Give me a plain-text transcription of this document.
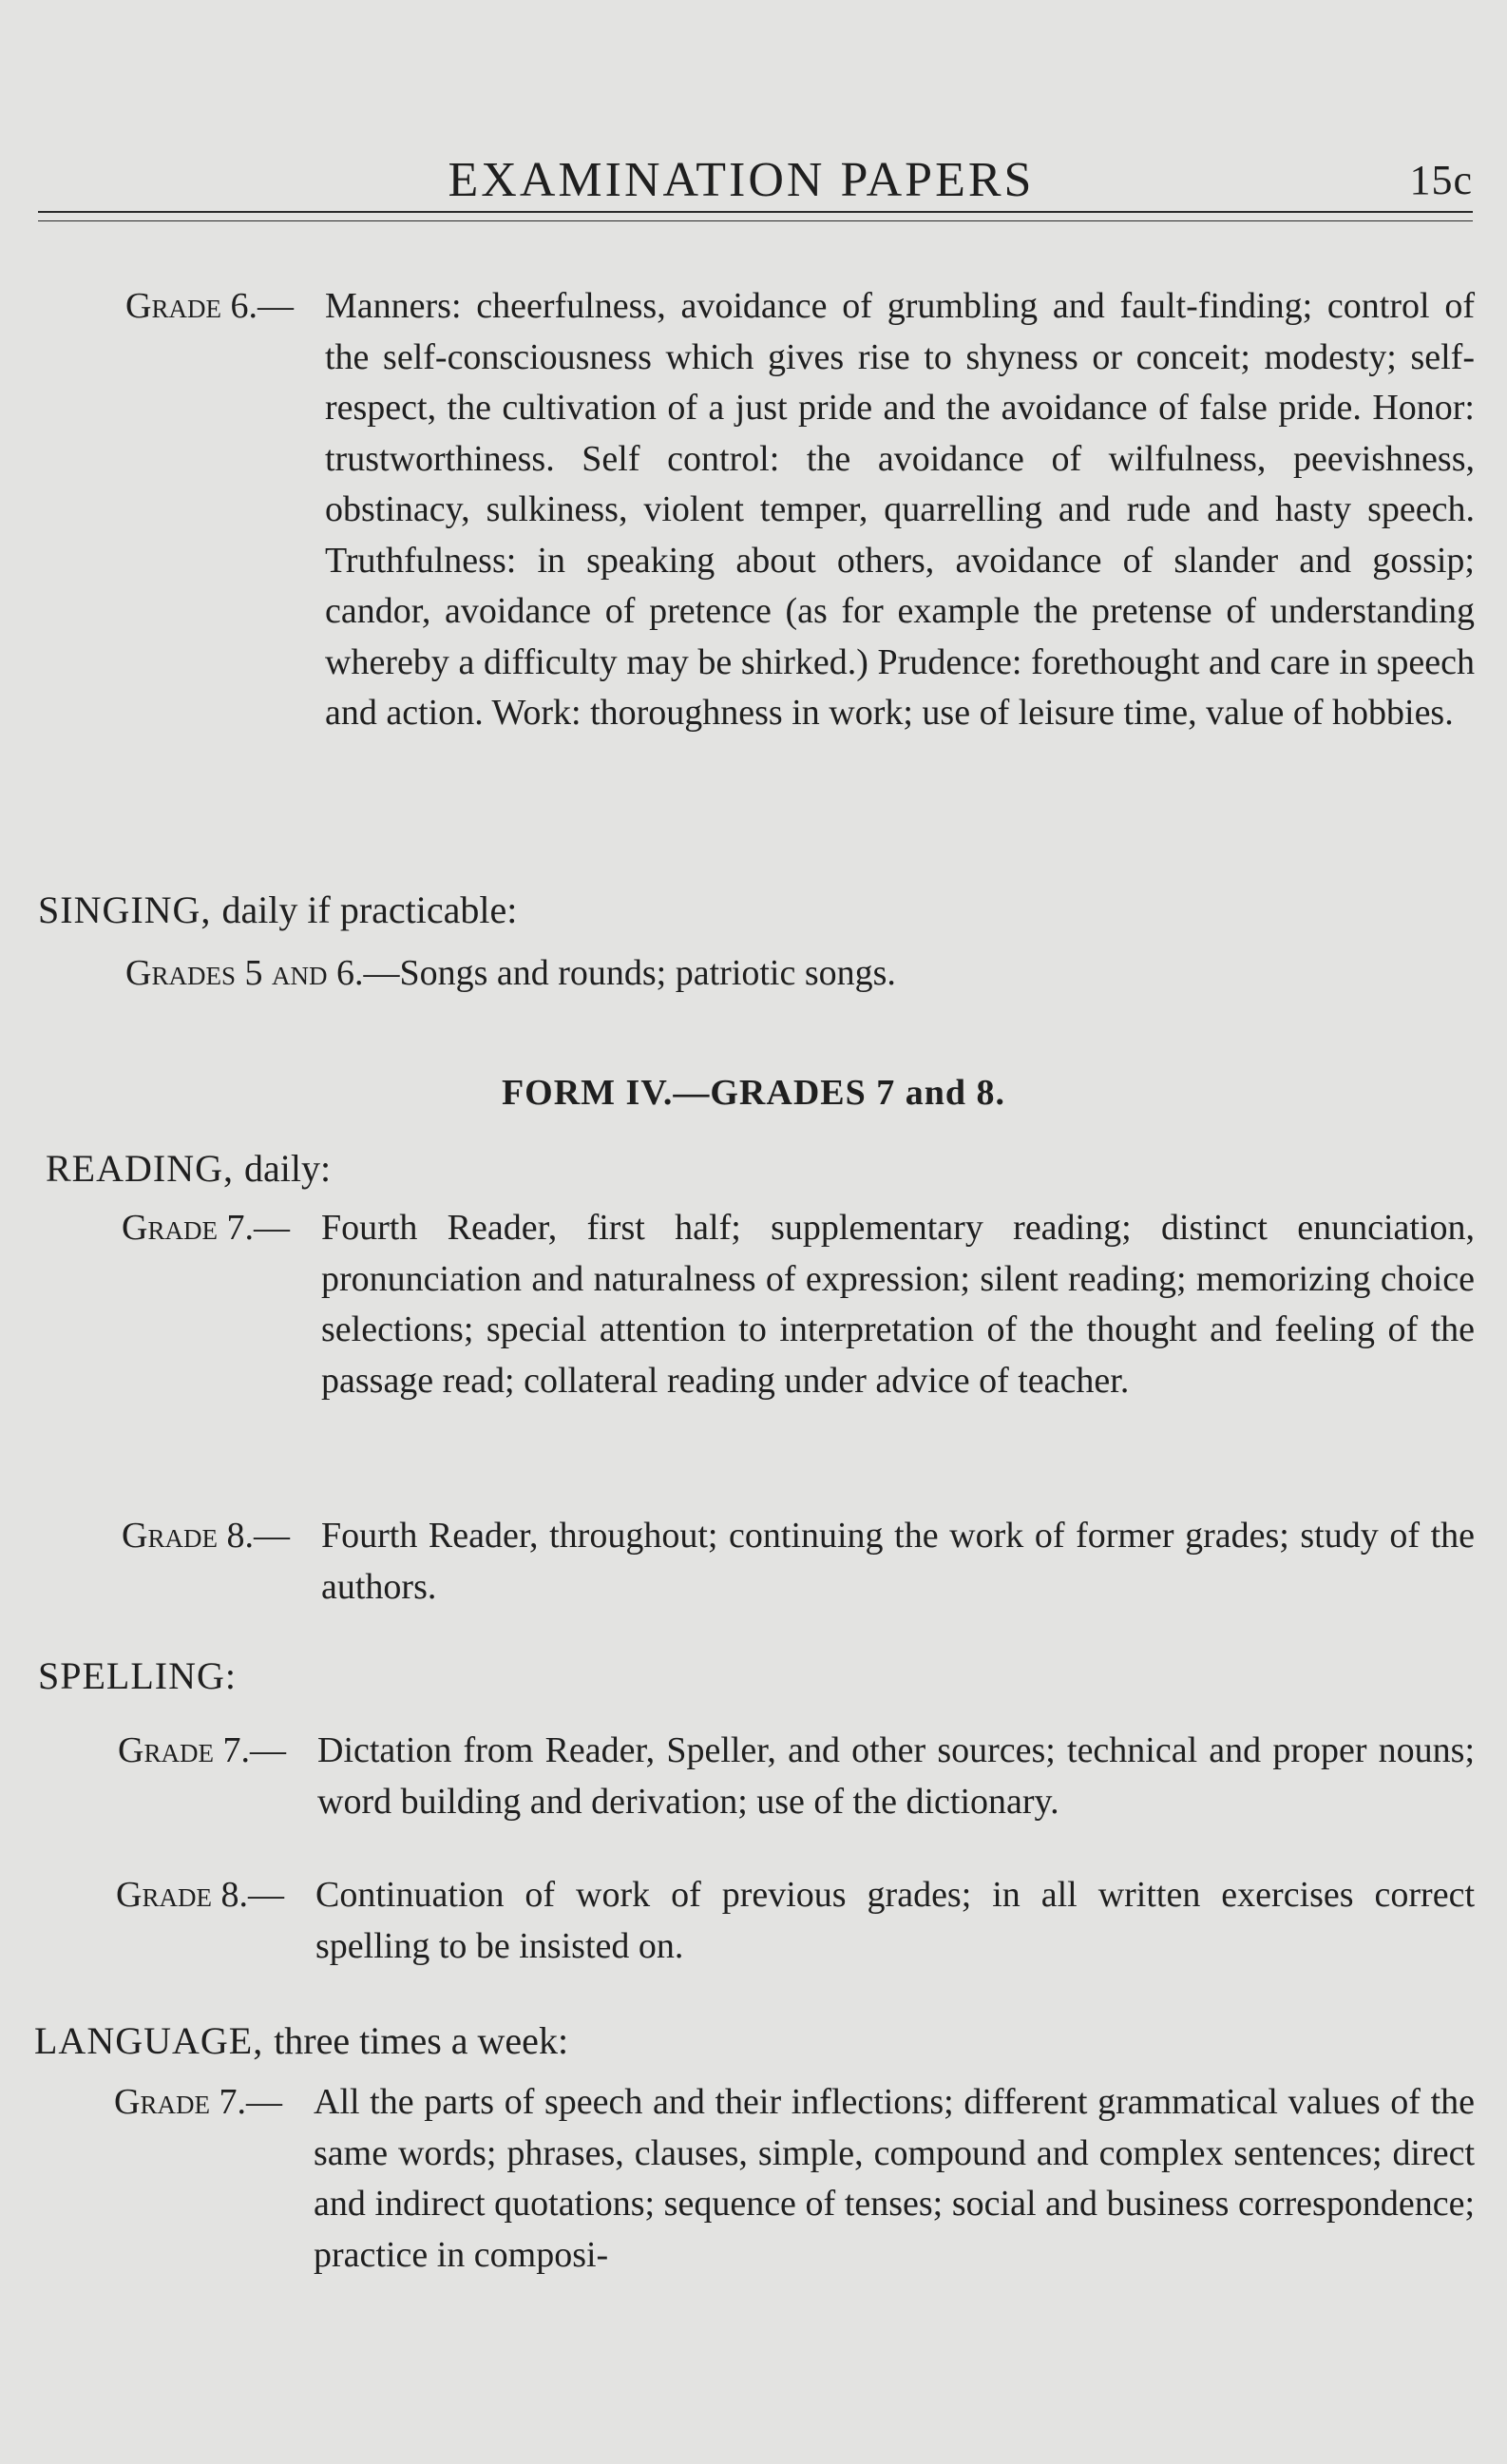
EXAMINATION PAPERS	15c
Grade 6.— Manners: cheerfulness, avoidance of grumbling and fault-finding; control of the self-consciousness which gives rise to shyness or conceit; modesty; self-respect, the cultivation of a just pride and the avoidance of false pride. Honor: trustworthiness. Self control: the avoidance of wilfulness, peevishness, obstinacy, sulkiness, violent temper, quarrelling and rude and hasty speech. Truthfulness: in speaking about others, avoidance of slander and gossip; candor, avoidance of pretence (as for example the pretense of understanding whereby a difficulty may be shirked.) Prudence: forethought and care in speech and action. Work: thoroughness in work; use of leisure time, value of hobbies.
SINGING, daily if practicable:
Grades 5 and 6.—Songs and rounds; patriotic songs.
FORM IV.—GRADES 7 and 8.
READING, daily:
Grade 7.— Fourth Reader, first half; supplementary reading; distinct enunciation, pronunciation and naturalness of expression; silent reading; memorizing choice selections; special attention to interpretation of the thought and feeling of the passage read; collateral reading under advice of teacher.
Grade 8.— Fourth Reader, throughout; continuing the work of former grades; study of the authors.
SPELLING:
Grade 7.— Dictation from Reader, Speller, and other sources; technical and proper nouns; word building and derivation; use of the dictionary.
Grade 8.— Continuation of work of previous grades; in all written exercises correct spelling to be insisted on.
LANGUAGE, three times a week:
Grade 7.— All the parts of speech and their inflections; different grammatical values of the same words; phrases, clauses, simple, compound and complex sentences; direct and indirect quotations; sequence of tenses; social and business correspondence; practice in composi-
